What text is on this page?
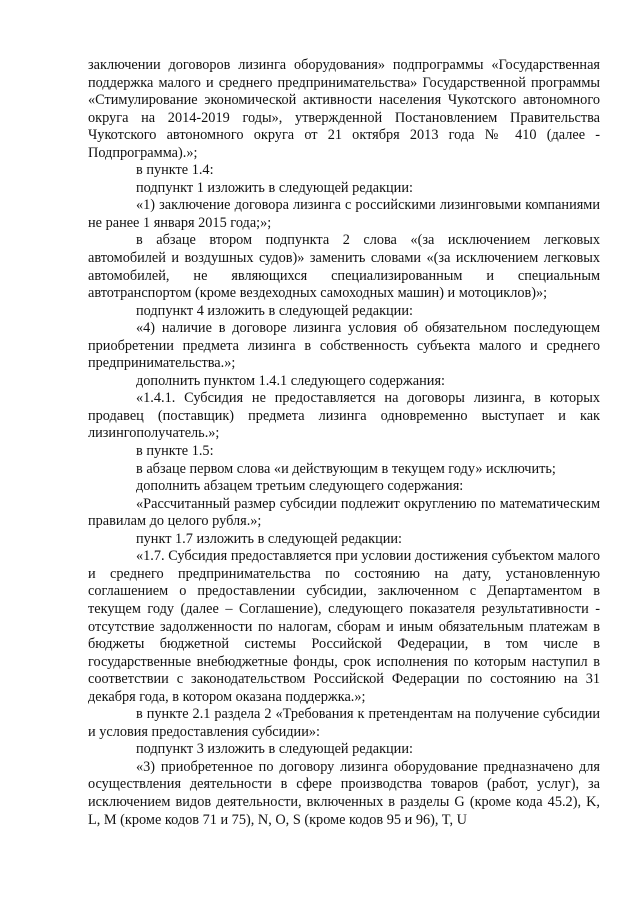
заключении договоров лизинга оборудования» подпрограммы «Государственная поддержка малого и среднего предпринимательства» Государственной программы «Стимулирование экономической активности населения Чукотского автономного округа на 2014-2019 годы», утвержденной Постановлением Правительства Чукотского автономного округа от 21 октября 2013 года № 410 (далее - Подпрограмма).»;

в пункте 1.4:

подпункт 1 изложить в следующей редакции:

«1) заключение договора лизинга с российскими лизинговыми компаниями не ранее 1 января 2015 года;»;

в абзаце втором подпункта 2 слова «(за исключением легковых автомобилей и воздушных судов)» заменить словами «(за исключением легковых автомобилей, не являющихся специализированным и специальным автотранспортом (кроме вездеходных самоходных машин) и мотоциклов)»;

подпункт 4 изложить в следующей редакции:

«4) наличие в договоре лизинга условия об обязательном последующем приобретении предмета лизинга в собственность субъекта малого и среднего предпринимательства.»;

дополнить пунктом 1.4.1 следующего содержания:

«1.4.1. Субсидия не предоставляется на договоры лизинга, в которых продавец (поставщик) предмета лизинга одновременно выступает и как лизингополучатель.»;

в пункте 1.5:

в абзаце первом слова «и действующим в текущем году» исключить;

дополнить абзацем третьим следующего содержания:

«Рассчитанный размер субсидии подлежит округлению по математическим правилам до целого рубля.»;

пункт 1.7 изложить в следующей редакции:

«1.7. Субсидия предоставляется при условии достижения субъектом малого и среднего предпринимательства по состоянию на дату, установленную соглашением о предоставлении субсидии, заключенном с Департаментом в текущем году (далее – Соглашение), следующего показателя результативности - отсутствие задолженности по налогам, сборам и иным обязательным платежам в бюджеты бюджетной системы Российской Федерации, в том числе в государственные внебюджетные фонды, срок исполнения по которым наступил в соответствии с законодательством Российской Федерации по состоянию на 31 декабря года, в котором оказана поддержка.»;

в пункте 2.1 раздела 2 «Требования к претендентам на получение субсидии и условия предоставления субсидии»:

подпункт 3 изложить в следующей редакции:

«3) приобретенное по договору лизинга оборудование предназначено для осуществления деятельности в сфере производства товаров (работ, услуг), за исключением видов деятельности, включенных в разделы G (кроме кода 45.2), K, L, M (кроме кодов 71 и 75), N, O, S (кроме кодов 95 и 96), T, U
